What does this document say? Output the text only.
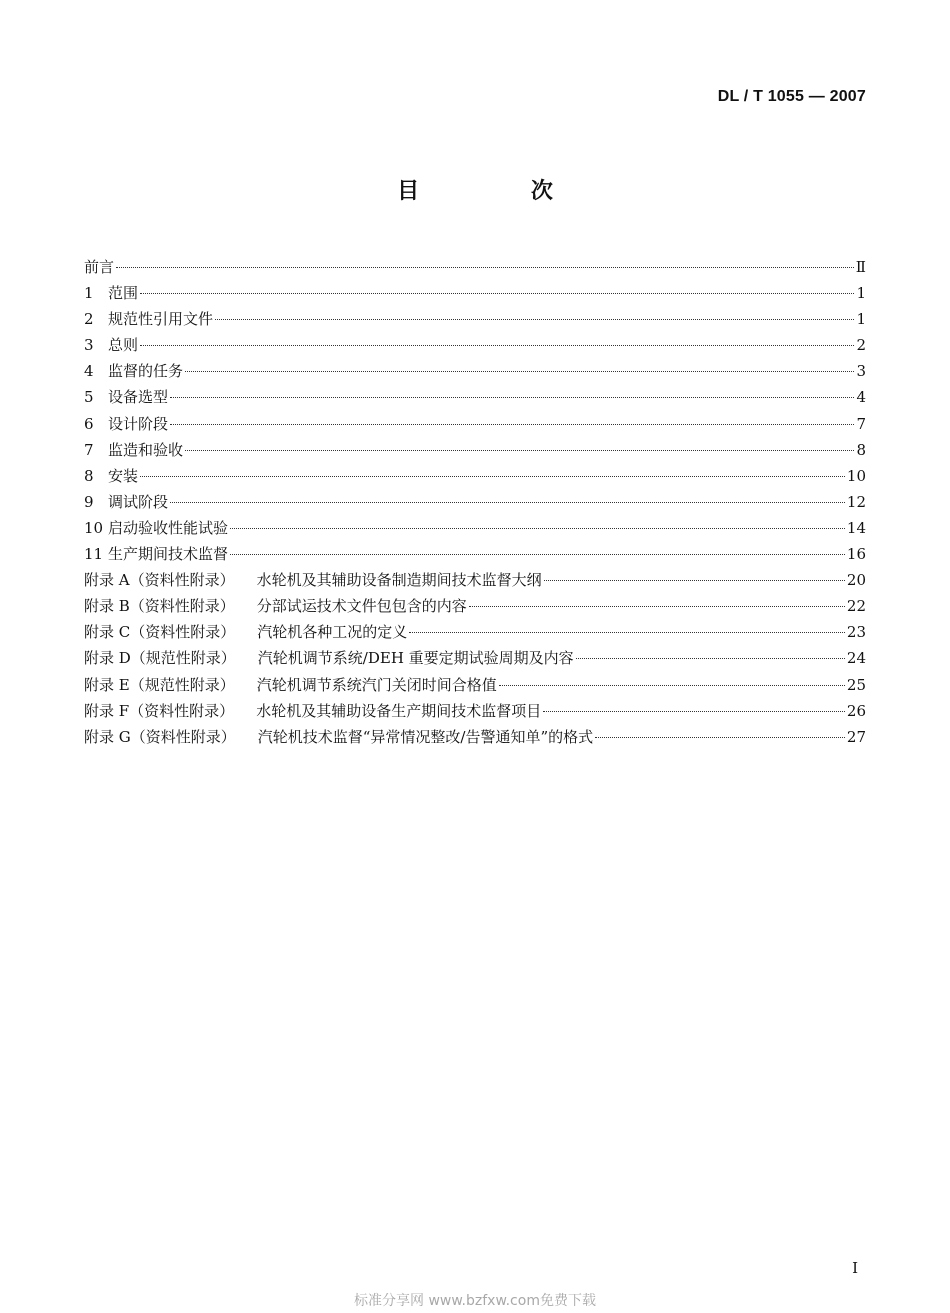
DL / T 1055 — 2007
目 次
前言	Ⅱ
1 范围	1
2 规范性引用文件	1
3 总则	2
4 监督的任务	3
5 设备选型	4
6 设计阶段	7
7 监造和验收	8
8 安装	10
9 调试阶段	12
10 启动验收性能试验	14
11 生产期间技术监督	16
附录 A（资料性附录） 水轮机及其辅助设备制造期间技术监督大纲	20
附录 B（资料性附录） 分部试运技术文件包包含的内容	22
附录 C（资料性附录） 汽轮机各种工况的定义	23
附录 D（规范性附录） 汽轮机调节系统/DEH 重要定期试验周期及内容	24
附录 E（规范性附录） 汽轮机调节系统汽门关闭时间合格值	25
附录 F（资料性附录） 水轮机及其辅助设备生产期间技术监督项目	26
附录 G（资料性附录） 汽轮机技术监督“异常情况整改/告警通知单”的格式	27
I
标准分享网 www.bzfxw.com免费下载
